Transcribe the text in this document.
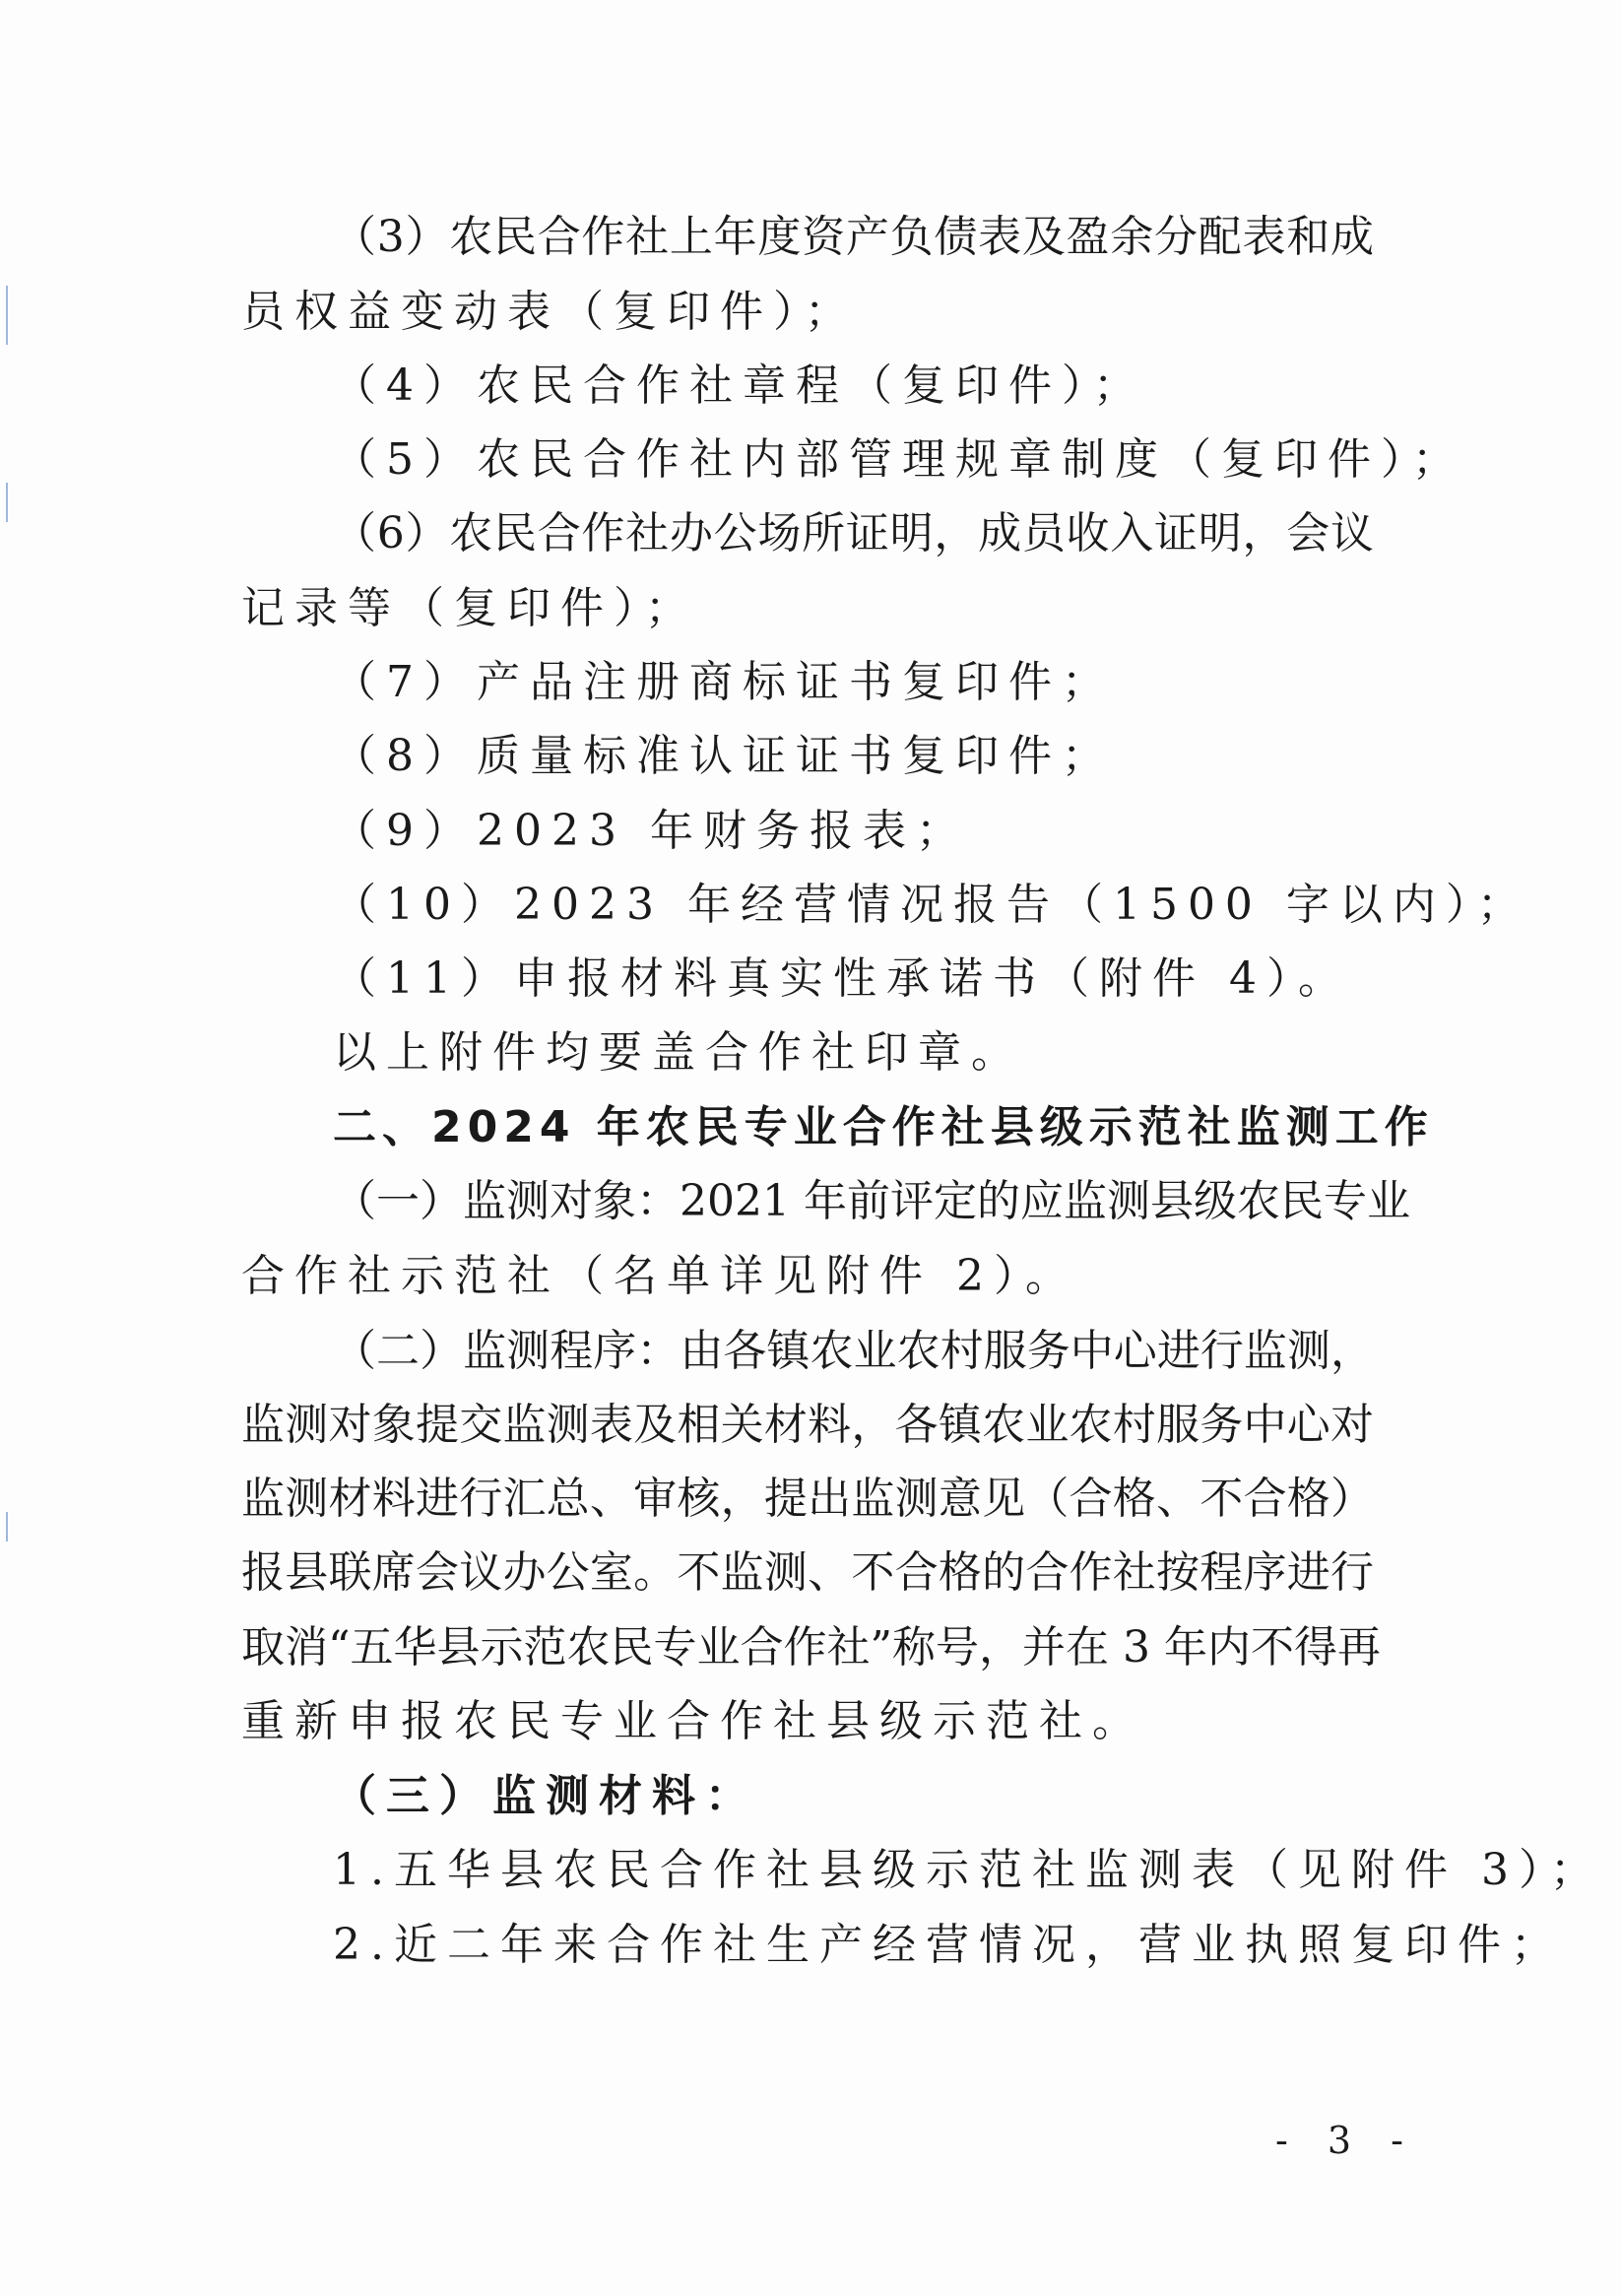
（3）农民合作社上年度资产负债表及盈余分配表和成
员权益变动表（复印件）；
（4）农民合作社章程（复印件）；
（5）农民合作社内部管理规章制度（复印件）；
（6）农民合作社办公场所证明，成员收入证明，会议
记录等（复印件）；
（7）产品注册商标证书复印件；
（8）质量标准认证证书复印件；
（9）2023 年财务报表；
（10）2023 年经营情况报告（1500 字以内）；
（11）申报材料真实性承诺书（附件 4）。
以上附件均要盖合作社印章。
二、2024 年农民专业合作社县级示范社监测工作
（一）监测对象：2021 年前评定的应监测县级农民专业
合作社示范社（名单详见附件 2）。
（二）监测程序：由各镇农业农村服务中心进行监测，
监测对象提交监测表及相关材料，各镇农业农村服务中心对
监测材料进行汇总、审核，提出监测意见（合格、不合格）
报县联席会议办公室。不监测、不合格的合作社按程序进行
取消“五华县示范农民专业合作社”称号，并在 3 年内不得再
重新申报农民专业合作社县级示范社。
（三）监测材料：
1.五华县农民合作社县级示范社监测表（见附件 3）；
2.近二年来合作社生产经营情况，营业执照复印件；
- 3 -
